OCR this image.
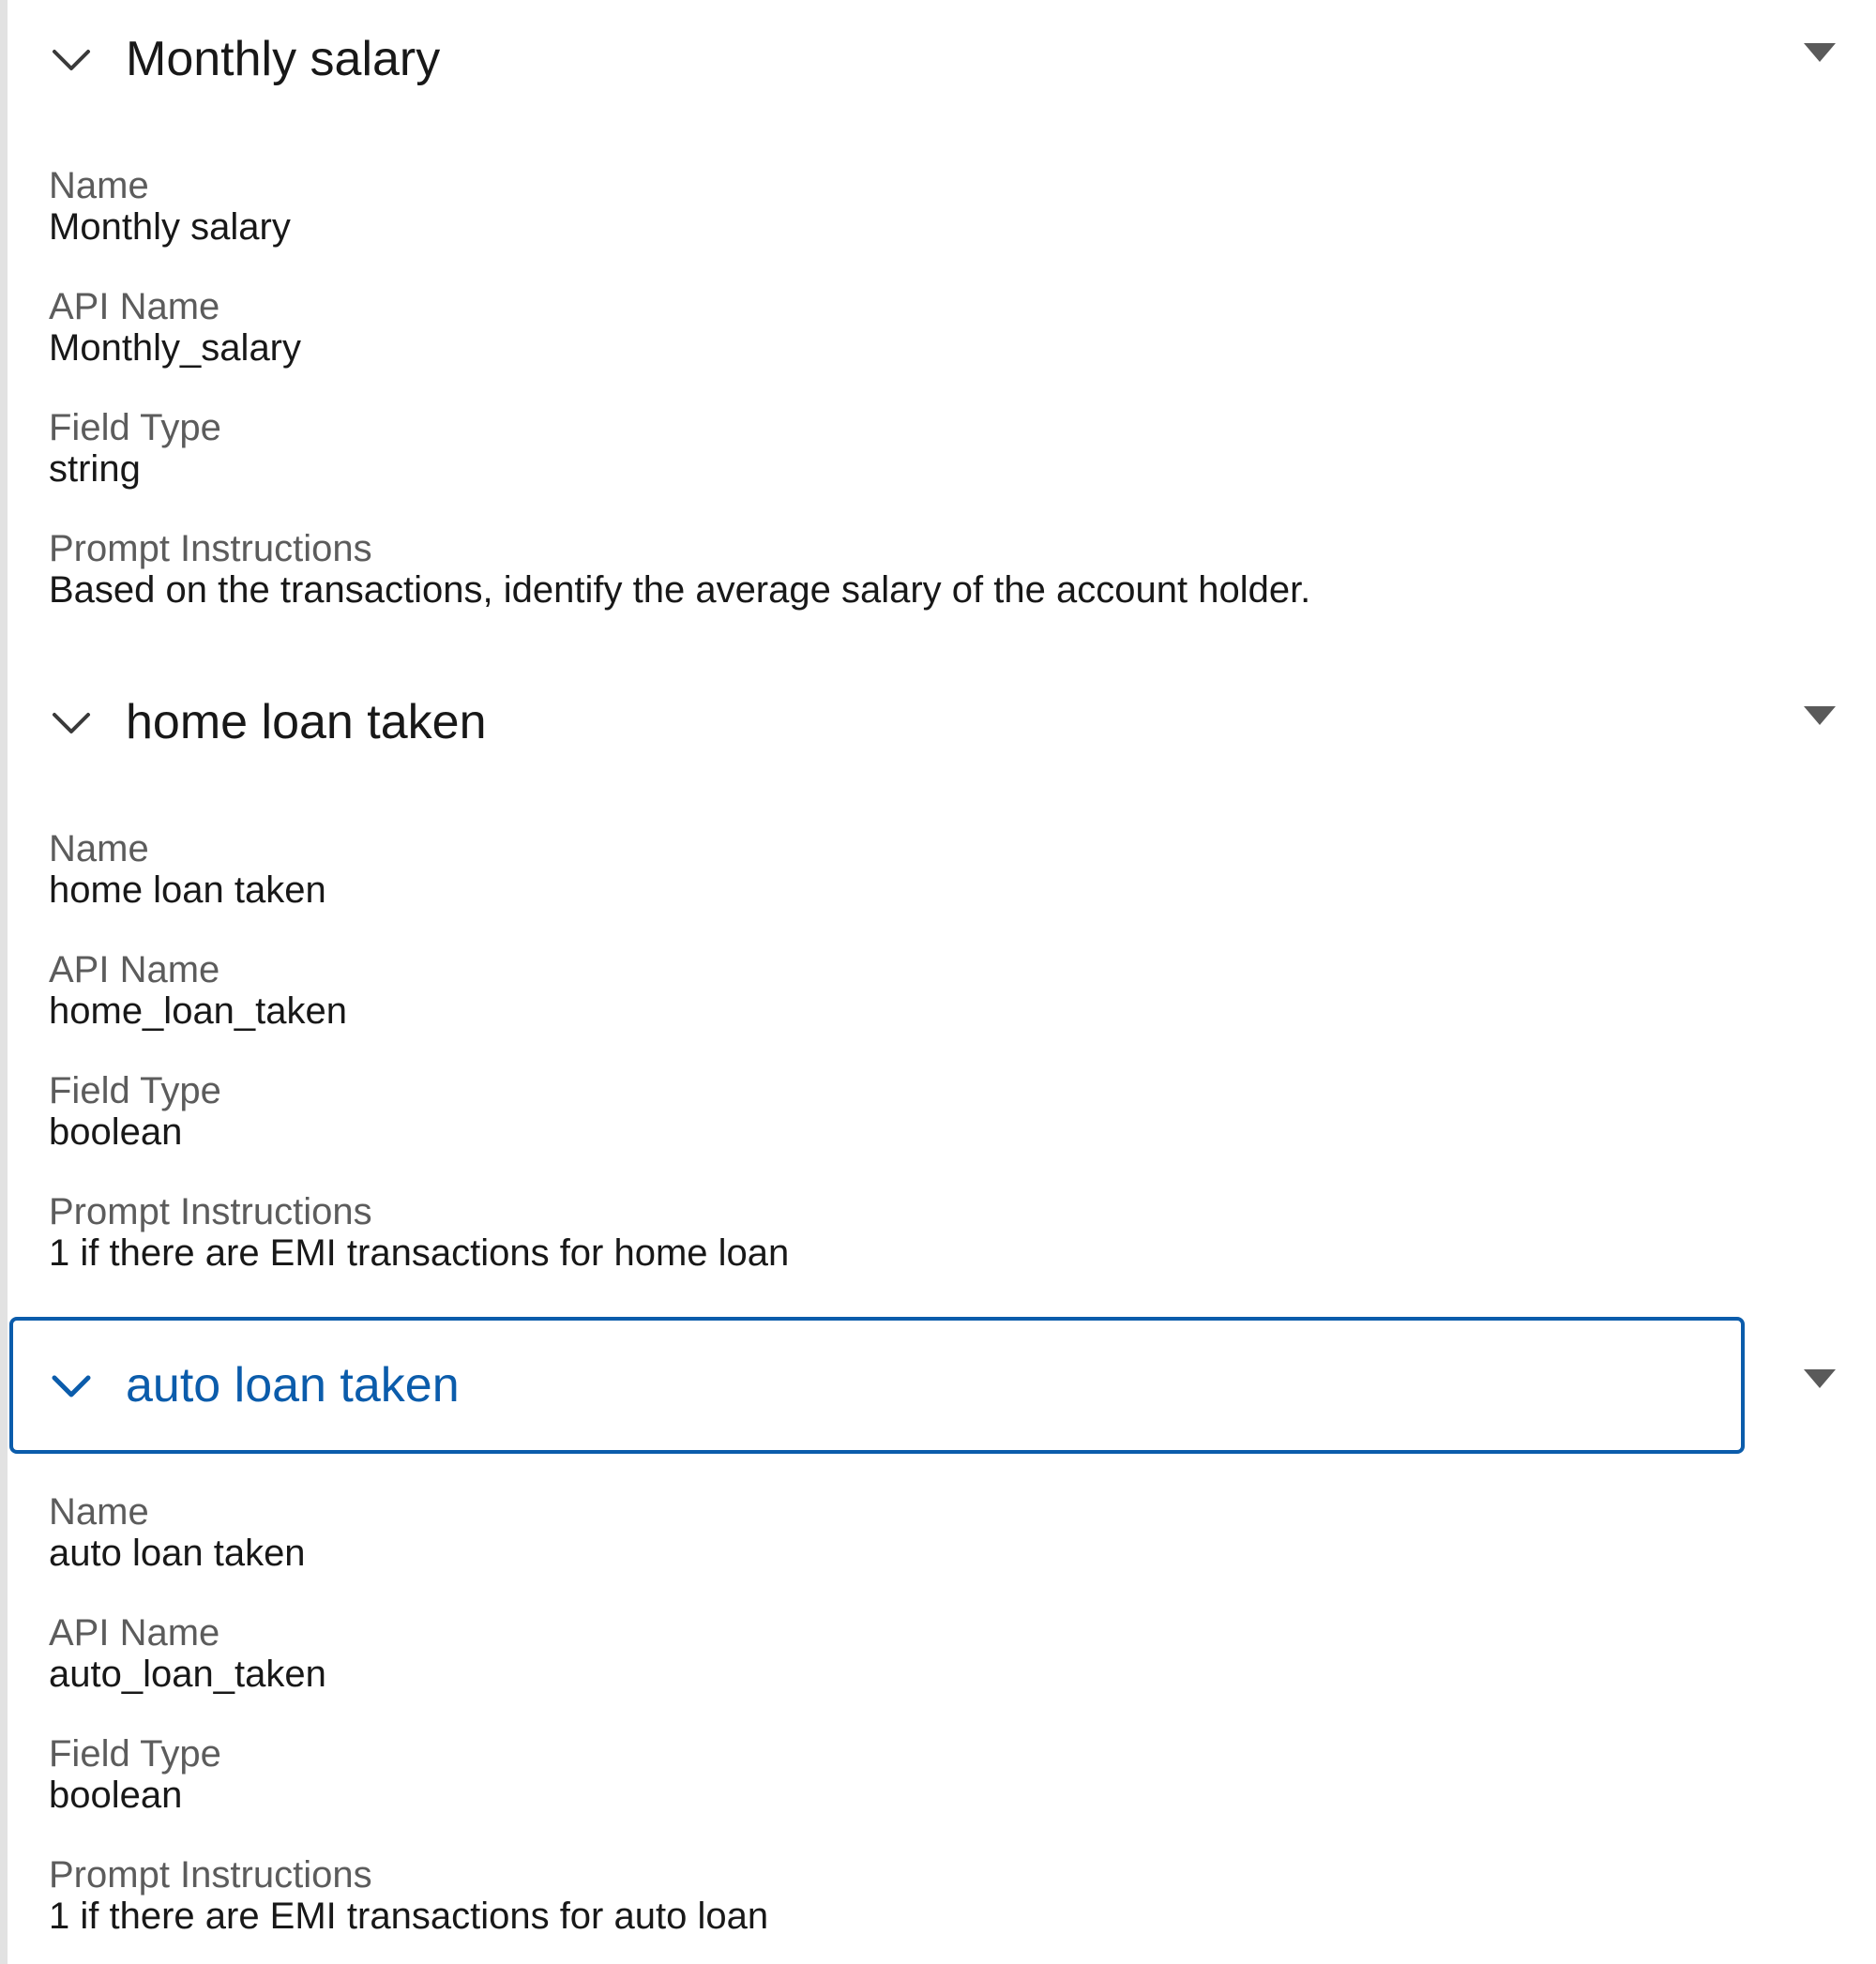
Monthly salary
Name
Monthly salary
API Name
Monthly_salary
Field Type
string
Prompt Instructions
Based on the transactions, identify the average salary of the account holder.
home loan taken
Name
home loan taken
API Name
home_loan_taken
Field Type
boolean
Prompt Instructions
1 if there are EMI transactions for home loan
auto loan taken
Name
auto loan taken
API Name
auto_loan_taken
Field Type
boolean
Prompt Instructions
1 if there are EMI transactions for auto loan
